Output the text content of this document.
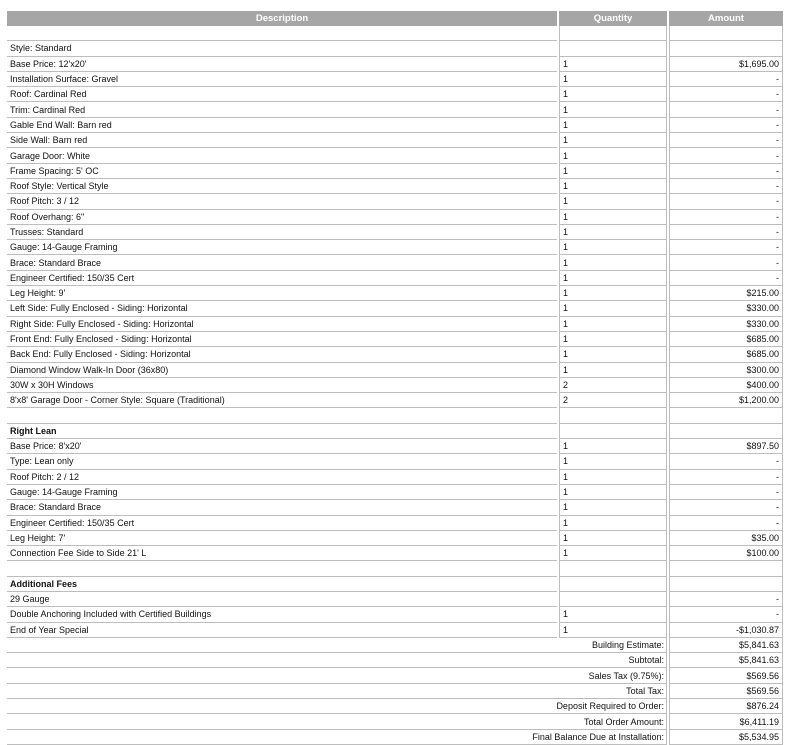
Description	Quantity	Amount

Style: Standard		
Base Price: 12'x20'	1	$1,695.00
Installation Surface: Gravel	1	-
Roof: Cardinal Red	1	-
Trim: Cardinal Red	1	-
Gable End Wall: Barn red	1	-
Side Wall: Barn red	1	-
Garage Door: White	1	-
Frame Spacing: 5' OC	1	-
Roof Style: Vertical Style	1	-
Roof Pitch: 3 / 12	1	-
Roof Overhang: 6"	1	-
Trusses: Standard	1	-
Gauge: 14-Gauge Framing	1	-
Brace: Standard Brace	1	-
Engineer Certified: 150/35 Cert	1	-
Leg Height: 9'	1	$215.00
Left Side: Fully Enclosed - Siding: Horizontal	1	$330.00
Right Side: Fully Enclosed - Siding: Horizontal	1	$330.00
Front End: Fully Enclosed - Siding: Horizontal	1	$685.00
Back End: Fully Enclosed - Siding: Horizontal	1	$685.00
Diamond Window Walk-In Door (36x80)	1	$300.00
30W x 30H Windows	2	$400.00
8'x8' Garage Door - Corner Style: Square (Traditional)	2	$1,200.00

Right Lean		
Base Price: 8'x20'	1	$897.50
Type: Lean only	1	-
Roof Pitch: 2 / 12	1	-
Gauge: 14-Gauge Framing	1	-
Brace: Standard Brace	1	-
Engineer Certified: 150/35 Cert	1	-
Leg Height: 7'	1	$35.00
Connection Fee Side to Side 21' L	1	$100.00

Additional Fees		
29 Gauge		-
Double Anchoring Included with Certified Buildings	1	-
End of Year Special	1	-$1,030.87
Building Estimate:		$5,841.63
Subtotal:		$5,841.63
Sales Tax (9.75%):		$569.56
Total Tax:		$569.56
Deposit Required to Order:		$876.24
Total Order Amount:		$6,411.19
Final Balance Due at Installation:		$5,534.95
